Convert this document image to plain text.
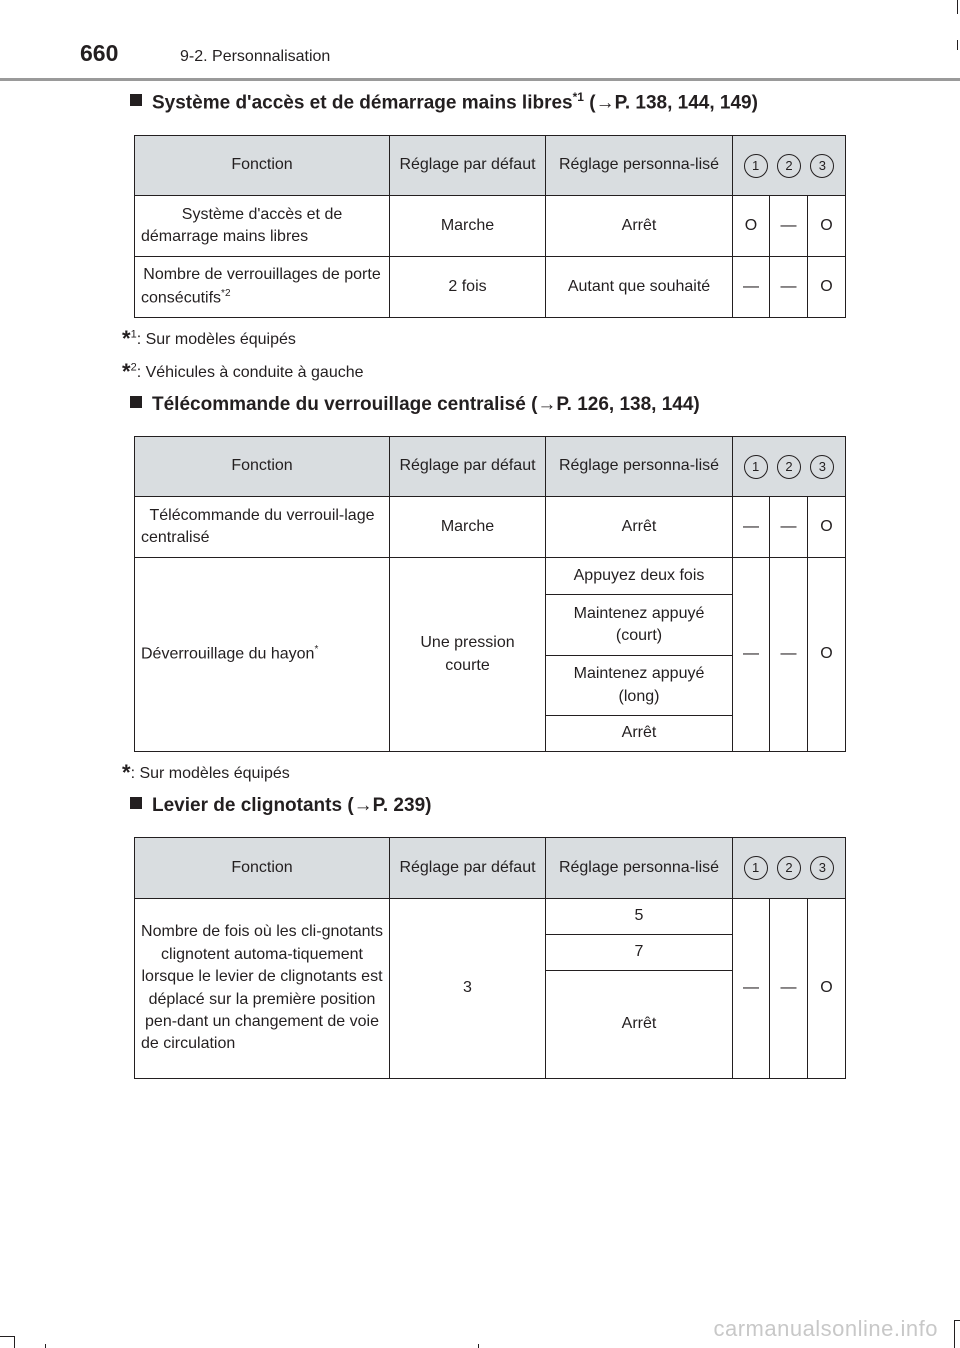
660	9-2. Personnalisation
Système d'accès et de démarrage mains libres$^{*1}$ (→P. 138, 144, 149)
Fonction	Réglage par défaut	Réglage personna-lisé	1 2 3		

Système d'accès et de démarrage mains libres	Marche	Arrêt	O	—	O
Nombre de verrouillages de porte consécutifs$^{*2}$	2 fois	Autant que souhaité	—	—	O
*$^1$: Sur modèles équipés
*$^2$: Véhicules à conduite à gauche
Télécommande du verrouillage centralisé (→P. 126, 138, 144)
Fonction	Réglage par défaut	Réglage personna-lisé	1 2 3		

Télécommande du verrouil-lage centralisé	Marche	Arrêt	—	—	O
Déverrouillage du hayon*	Une pression courte	Appuyez deux fois	—	—	O
		Maintenez appuyé (court)			
		Maintenez appuyé (long)			
		Arrêt			
*: Sur modèles équipés
Levier de clignotants (→P. 239)
Fonction	Réglage par défaut	Réglage personna-lisé	1 2 3		

Nombre de fois où les cli-gnotants clignotent automa-tiquement lorsque le levier de clignotants est déplacé sur la première position pen-dant un changement de voie de circulation	3	5	—	—	O
		7			
		Arrêt			
carmanualsonline.info
